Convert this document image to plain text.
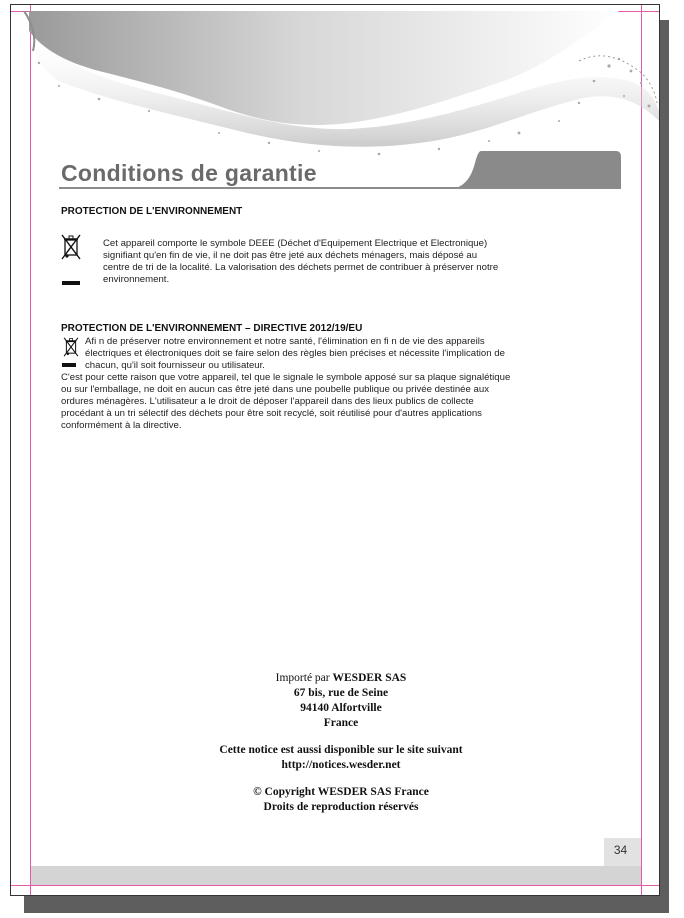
Conditions de garantie
PROTECTION DE L'ENVIRONNEMENT
Cet appareil comporte le symbole DEEE (Déchet d'Equipement Electrique et Electronique)
signifiant qu'en fin de vie, il ne doit pas être jeté aux déchets ménagers, mais déposé au
centre de tri de la localité. La valorisation des déchets permet de contribuer à préserver notre
environnement.
PROTECTION DE L'ENVIRONNEMENT – DIRECTIVE 2012/19/EU
Afi n de préserver notre environnement et notre santé, l'élimination en fi n de vie des appareils
électriques et électroniques doit se faire selon des règles bien précises et nécessite l'implication de
chacun, qu'il soit fournisseur ou utilisateur.
C'est pour cette raison que votre appareil, tel que le signale le symbole apposé sur sa plaque signalétique
ou sur l'emballage, ne doit en aucun cas être jeté dans une poubelle publique ou privée destinée aux
ordures ménagères. L'utilisateur a le droit de déposer l'appareil dans des lieux publics de collecte
procédant à un tri sélectif des déchets pour être soit recyclé, soit réutilisé pour d'autres applications
conformément à la directive.

Importé par WESDER SAS

67 bis, rue de Seine

94140 Alfortville

France

Cette notice est aussi disponible sur le site suivant

http://notices.wesder.net

© Copyright WESDER SAS France

Droits de reproduction réservés

34
